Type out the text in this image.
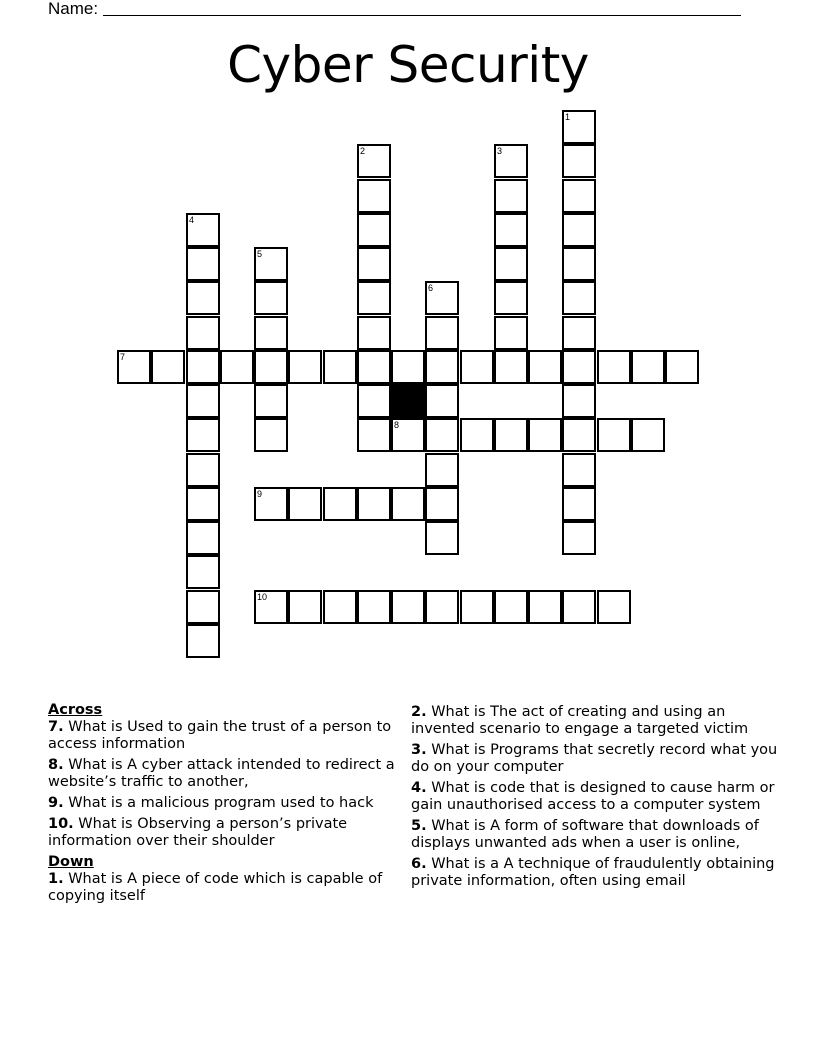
Name:
Cyber Security
7
8
9
10
1
2	3
4
5
6
Across
7. What is Used to gain the trust of a person to access information
8. What is A cyber attack intended to redirect a website’s traffic to another,
9. What is a malicious program used to hack
10. What is Observing a person’s private information over their shoulder
Down
1. What is A piece of code which is capable of copying itself
2. What is The act of creating and using an invented scenario to engage a targeted victim
3. What is Programs that secretly record what you do on your computer
4. What is code that is designed to cause harm or gain unauthorised access to a computer system
5. What is A form of software that downloads of displays unwanted ads when a user is online,
6. What is a A technique of fraudulently obtaining private information, often using email
